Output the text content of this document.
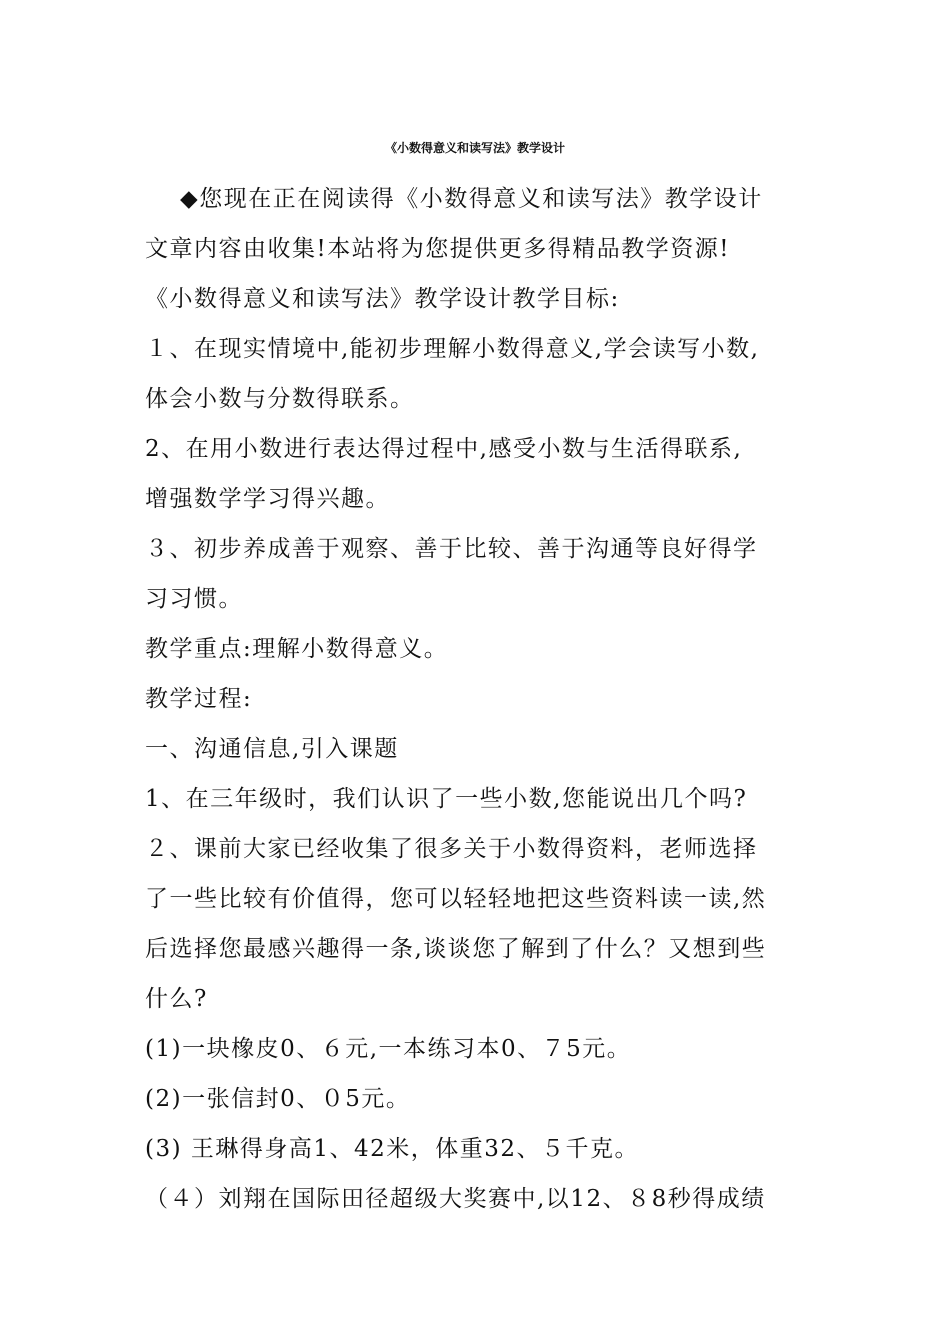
《小数得意义和读写法》教学设计
◆您现在正在阅读得《小数得意义和读写法》教学设计
文章内容由收集!本站将为您提供更多得精品教学资源!
《小数得意义和读写法》教学设计教学目标:
１、在现实情境中,能初步理解小数得意义,学会读写小数,
体会小数与分数得联系。
2、在用小数进行表达得过程中,感受小数与生活得联系,
增强数学学习得兴趣。
３、初步养成善于观察、善于比较、善于沟通等良好得学
习习惯。
教学重点:理解小数得意义。
教学过程:
一、沟通信息,引入课题
1、在三年级时，我们认识了一些小数,您能说出几个吗?
２、课前大家已经收集了很多关于小数得资料，老师选择
了一些比较有价值得，您可以轻轻地把这些资料读一读,然
后选择您最感兴趣得一条,谈谈您了解到了什么？又想到些
什么?
(1)一块橡皮0、６元,一本练习本0、７5元。
(2)一张信封0、０5元。
(3) 王琳得身高1、42米，体重32、５千克。
（４）刘翔在国际田径超级大奖赛中,以12、８8秒得成绩
